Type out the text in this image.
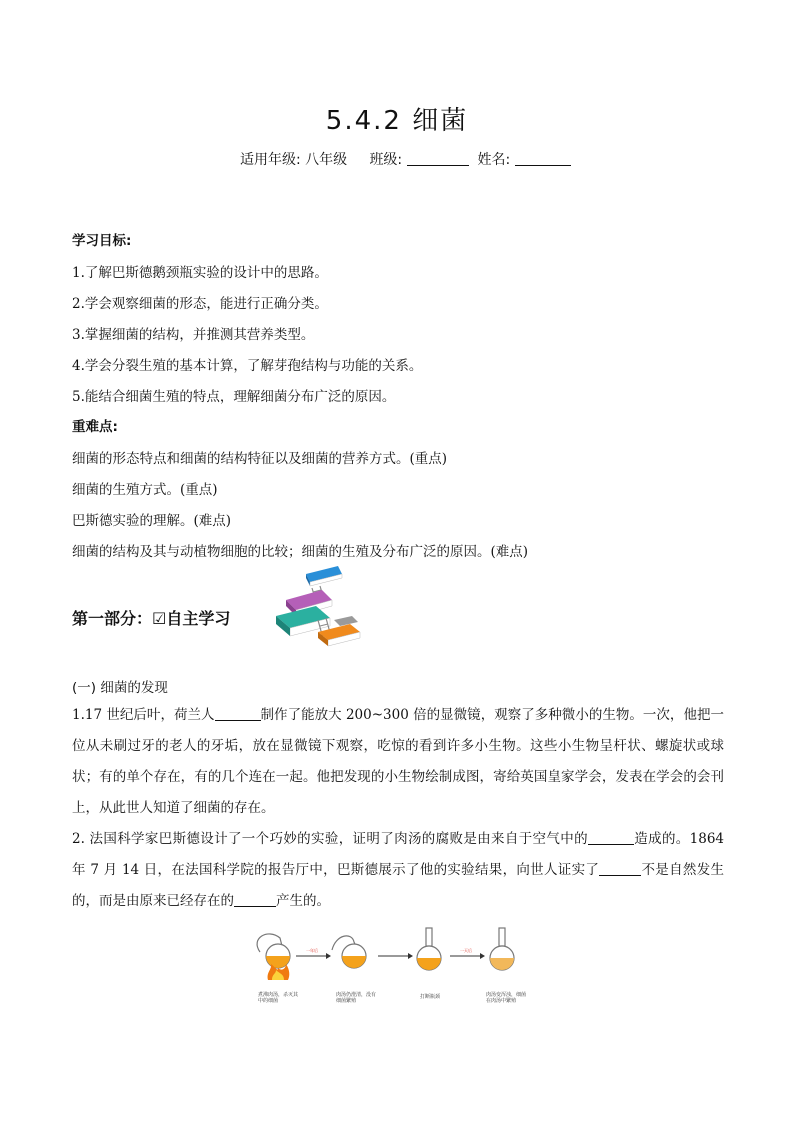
5.4.2 细菌
适用年级: 八年级 班级:	姓名:
学习目标:
1.了解巴斯德鹅颈瓶实验的设计中的思路。
2.学会观察细菌的形态，能进行正确分类。
3.掌握细菌的结构，并推测其营养类型。
4.学会分裂生殖的基本计算，了解芽孢结构与功能的关系。
5.能结合细菌生殖的特点，理解细菌分布广泛的原因。
重难点:
细菌的形态特点和细菌的结构特征以及细菌的营养方式。(重点)
细菌的生殖方式。(重点)
巴斯德实验的理解。(难点)
细菌的结构及其与动植物细胞的比较；细菌的生殖及分布广泛的原因。(难点)
第一部分：☑自主学习
(一) 细菌的发现
1.17 世纪后叶，荷兰人	制作了能放大 200~300 倍的显微镜，观察了多种微小的生物。一次，他把一位从未刷过牙的老人的牙垢，放在显微镜下观察，吃惊的看到许多小生物。这些小生物呈杆状、螺旋状或球状；有的单个存在，有的几个连在一起。他把发现的小生物绘制成图，寄给英国皇家学会，发表在学会的会刊上，从此世人知道了细菌的存在。
2. 法国科学家巴斯德设计了一个巧妙的实验，证明了肉汤的腐败是由来自于空气中的	造成的。1864 年 7 月 14 日，在法国科学院的报告厅中，巴斯德展示了他的实验结果，向世人证实了	不是自然发生的，而是由原来已经存在的	产生的。
一年后	一天后
煮沸肉汤，杀灭其
中的细菌
肉汤仍澄清，没有
细菌繁殖
打断瓶颈	肉汤变浑浊，细菌
在肉汤中繁殖
